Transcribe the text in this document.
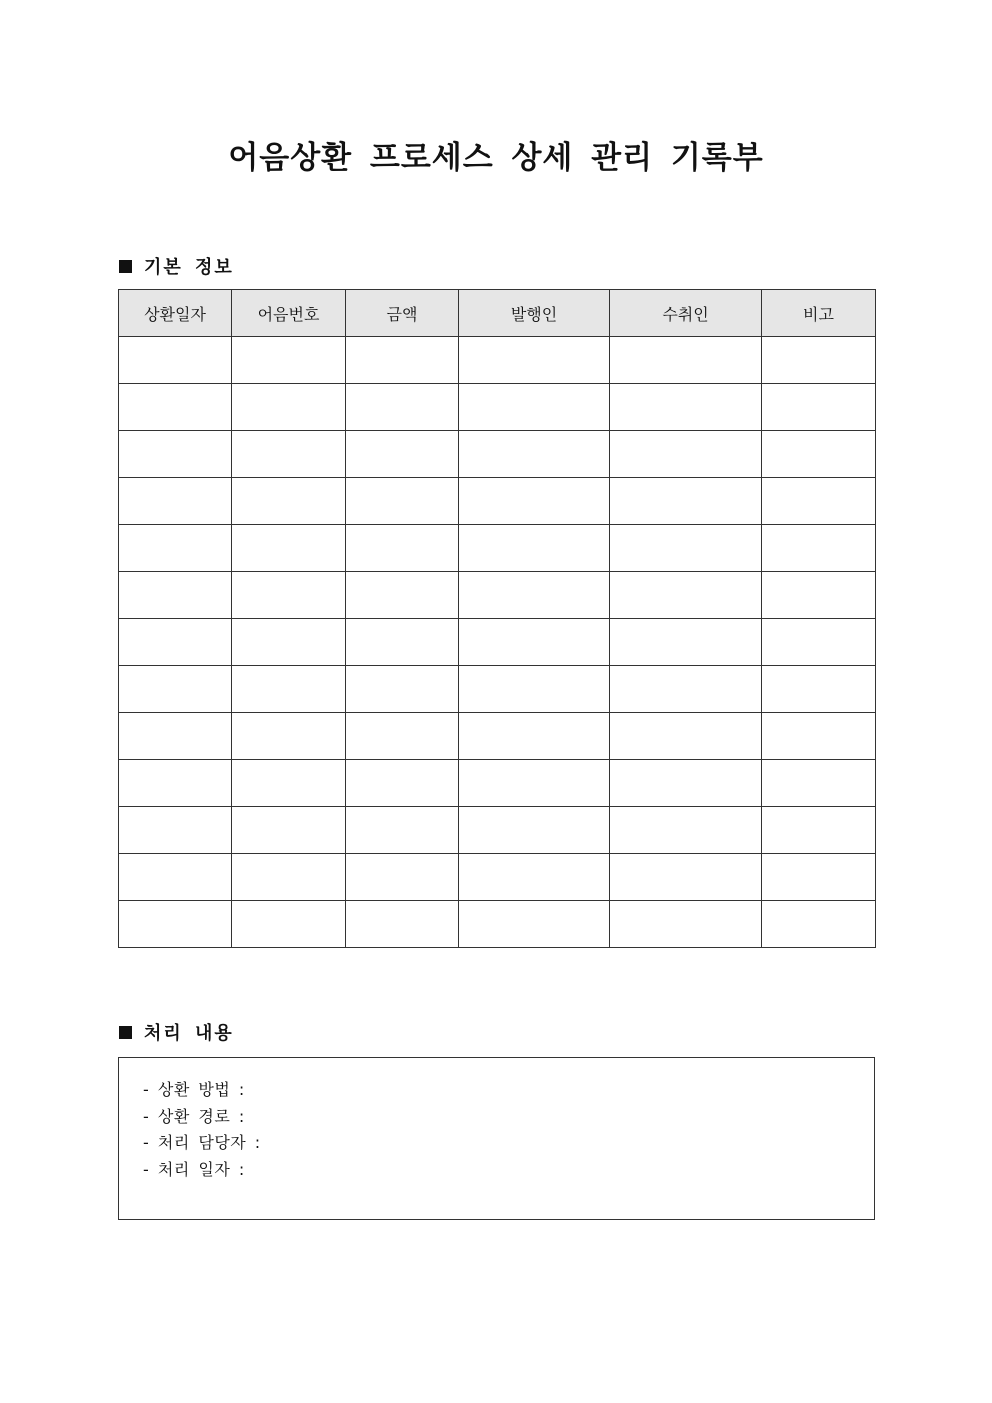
어음상환 프로세스 상세 관리 기록부
기본 정보
상환일자	어음번호	금액	발행인	수취인	비고

처리 내용
- 상환 방법 :
- 상환 경로 :
- 처리 담당자 :
- 처리 일자 :
